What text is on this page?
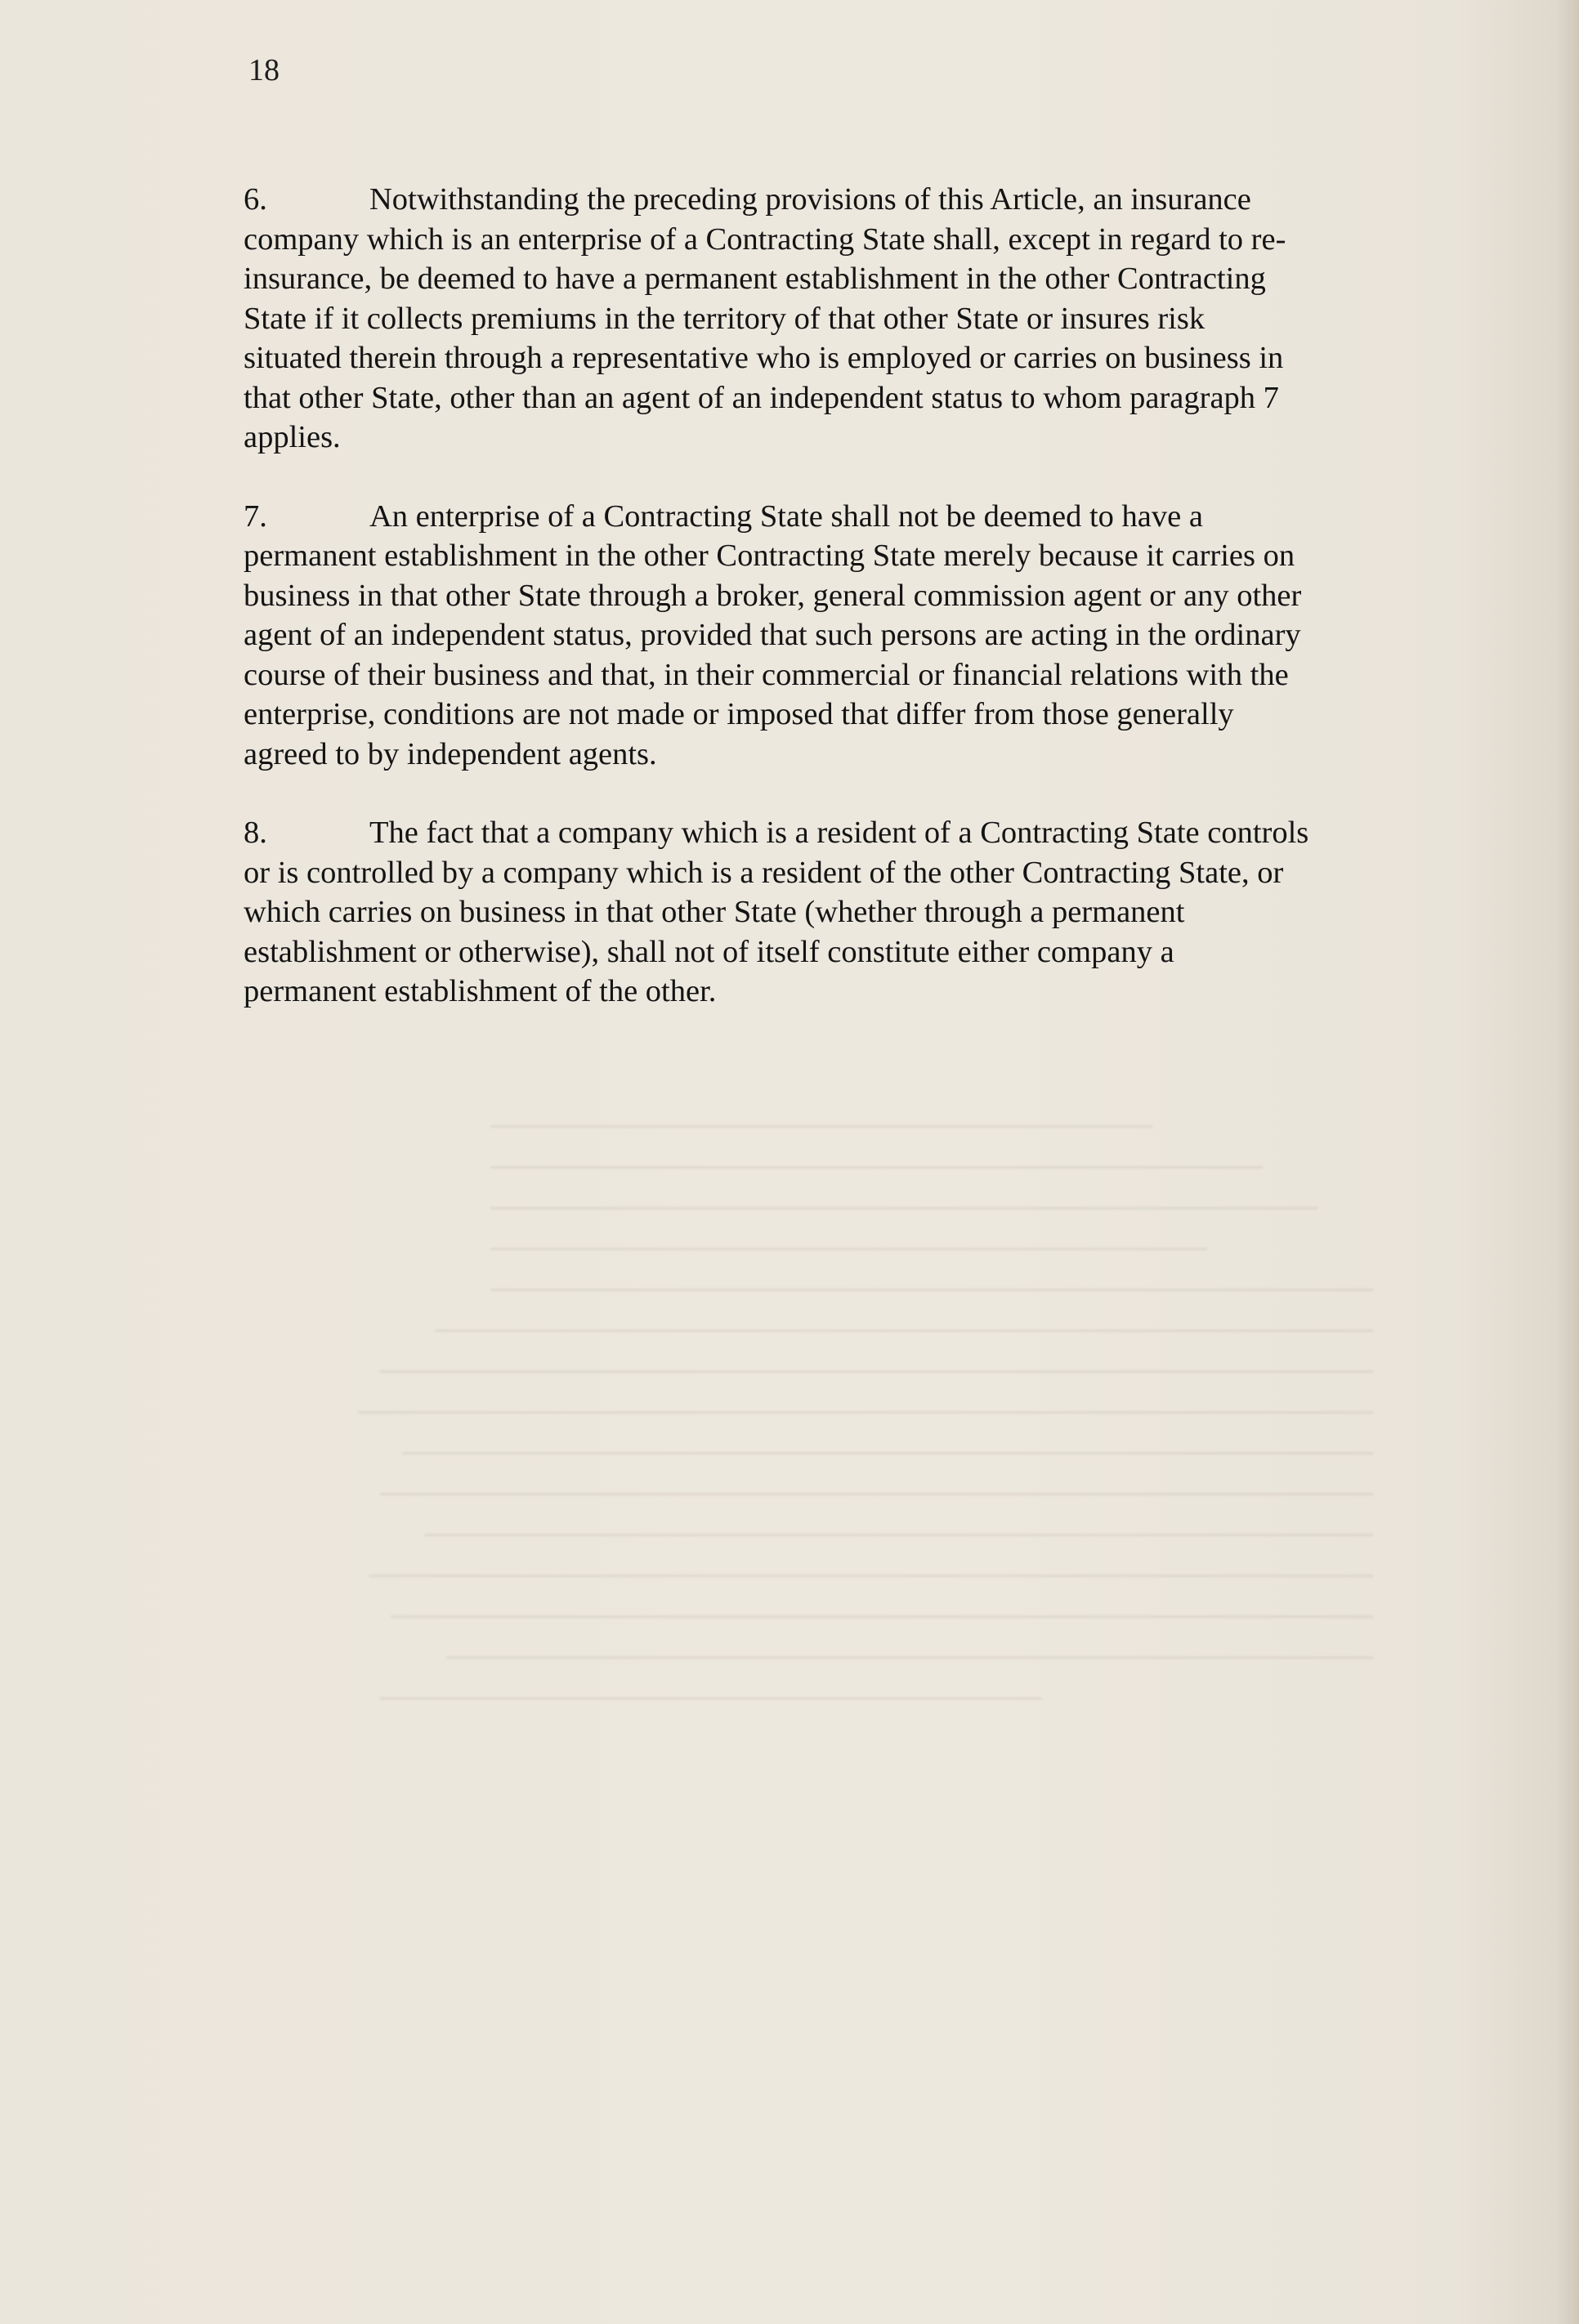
18
6.	Notwithstanding the preceding provisions of this Article, an insurance
company which is an enterprise of a Contracting State shall, except in regard to re-
insurance, be deemed to have a permanent establishment in the other Contracting
State if it collects premiums in the territory of that other State or insures risk
situated therein through a representative who is employed or carries on business in
that other State, other than an agent of an independent status to whom paragraph 7
applies.
7.	An enterprise of a Contracting State shall not be deemed to have a
permanent establishment in the other Contracting State merely because it carries on
business in that other State through a broker, general commission agent or any other
agent of an independent status, provided that such persons are acting in the ordinary
course of their business and that, in their commercial or financial relations with the
enterprise, conditions are not made or imposed that differ from those generally
agreed to by independent agents.
8.	The fact that a company which is a resident of a Contracting State controls
or is controlled by a company which is a resident of the other Contracting State, or
which carries on business in that other State (whether through a permanent
establishment or otherwise), shall not of itself constitute either company a
permanent establishment of the other.
